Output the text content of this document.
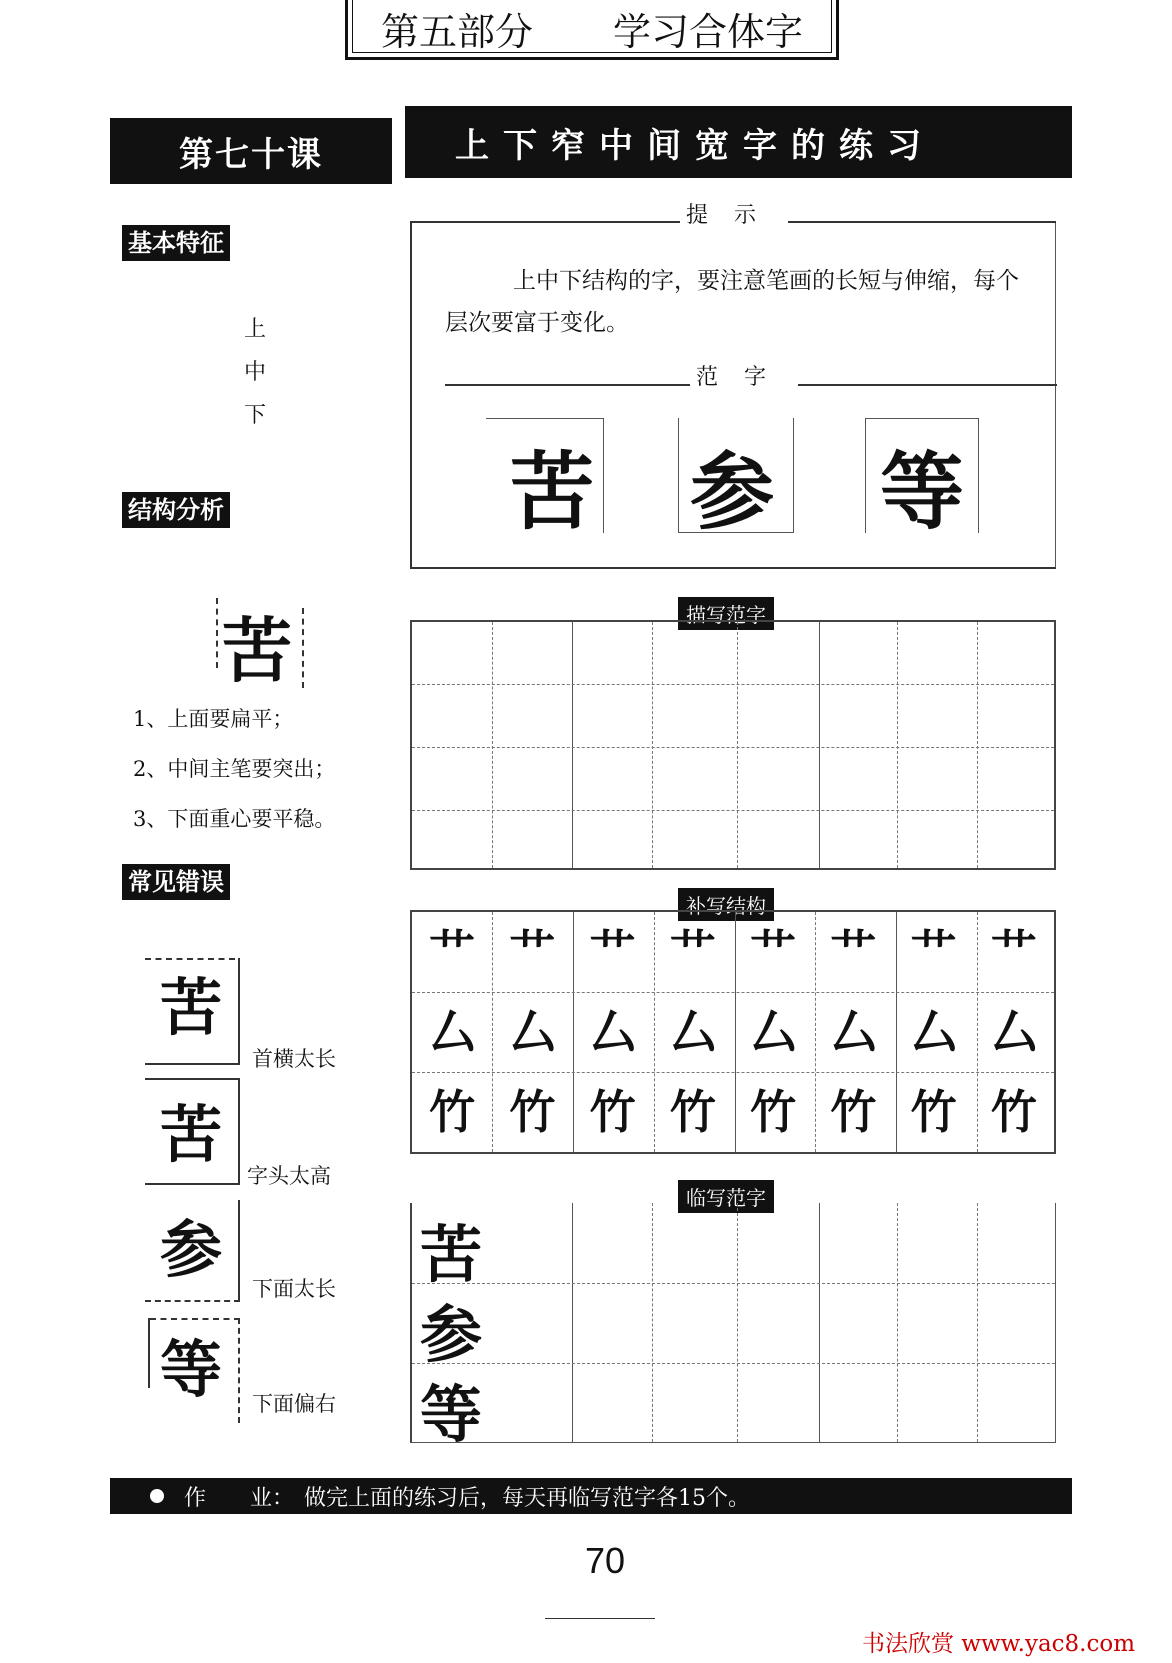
第五部分 学习合体字
第七十课	上下窄中间宽字的练习
基本特征
上
中
下
结构分析
苦
1、上面要扁平；
2、中间主笔要突出；
3、下面重心要平稳。
常见错误
苦
首横太长
苦
字头太高
参
下面太长
等 下面偏右
提示
上中下结构的字，要注意笔画的长短与伸缩，每个层次要富于变化。
范字
苦 参 等
描写范字
补写结构
艹 艹 艹 艹 艹 艹 艹 艹
厶 厶 厶 厶 厶 厶 厶 厶
竹 竹 竹 竹 竹 竹 竹 竹
临写范字
苦
参
等
作　　业： 做完上面的练习后，每天再临写范字各15个。
70
书法欣赏 www.yac8.com
